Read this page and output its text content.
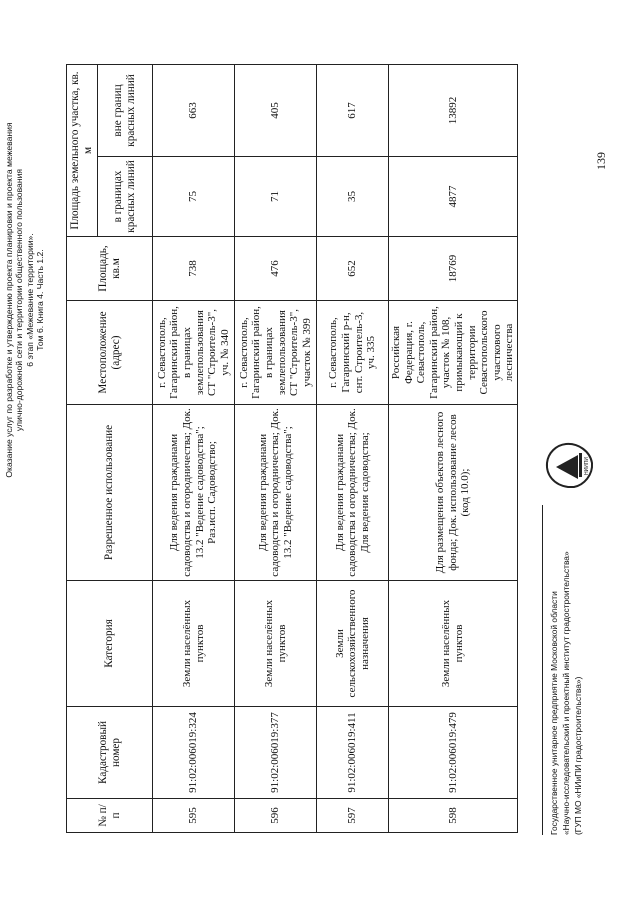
Оказание услуг по разработке и утверждению проекта планировки и проекта межевания улично-дорожной сети и территории общественного пользования 6 этап «Межевание территории». Том 6. Книга 4. Часть 1.2.
№ п/п	Кадастровый номер	Категория	Разрешенное использование	Местоположение (адрес)	Площадь, кв.м	Площадь земельного участка, кв. м	
						в границах красных линий	вне границ красных линий
595	91:02:006019:324	Земли населённых пунктов	Для ведения гражданами садоводства и огородничества; Док. 13.2 "Ведение садоводства"; Раз.исп. Садоводство;	г. Севастополь, Гагаринский район, в границах землепользования СТ "Строитель-3", уч. № 340	738	75	663
596	91:02:006019:377	Земли населённых пунктов	Для ведения гражданами садоводства и огородничества; Док. 13.2 "Ведение садоводства";	г. Севастополь, Гагаринский район, в границах землепользования СТ "Строитель-3", участок № 399	476	71	405
597	91:02:006019:411	Земли сельскохозяйственного назначения	Для ведения гражданами садоводства и огородничества; Док. Для ведения садоводства;	г. Севастополь, Гагаринский р-н, снт. Строитель-3, уч. 335	652	35	617
598	91:02:006019:479	Земли населённых пунктов	Для размещения объектов лесного фонда; Док. использование лесов (код 10.0);	Российская Федерация, г. Севастополь, Гагаринский район, участок № 108, примыкающий к территории Севастопольского участкового лесничества	18769	4877	13892
Государственное унитарное предприятие Московской области «Научно-исследовательский и проектный институт градостроительства» (ГУП МО «НИиПИ градостроительства»)
НИИПИ
139
